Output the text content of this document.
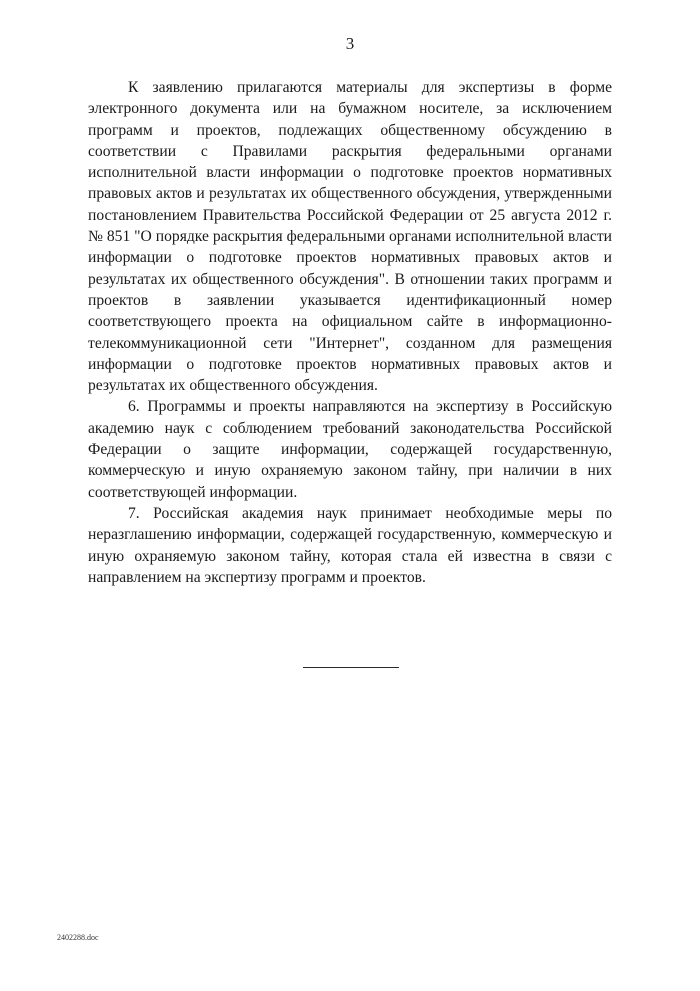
3

К заявлению прилагаются материалы для экспертизы в форме электронного документа или на бумажном носителе, за исключением программ и проектов, подлежащих общественному обсуждению в соответствии с Правилами раскрытия федеральными органами исполнительной власти информации о подготовке проектов нормативных правовых актов и результатах их общественного обсуждения, утвержденными постановлением Правительства Российской Федерации от 25 августа 2012 г. № 851 "О порядке раскрытия федеральными органами исполнительной власти информации о подготовке проектов нормативных правовых актов и результатах их общественного обсуждения". В отношении таких программ и проектов в заявлении указывается идентификационный номер соответствующего проекта на официальном сайте в информационно-телекоммуникационной сети "Интернет", созданном для размещения информации о подготовке проектов нормативных правовых актов и результатах их общественного обсуждения.

6. Программы и проекты направляются на экспертизу в Российскую академию наук с соблюдением требований законодательства Российской Федерации о защите информации, содержащей государственную, коммерческую и иную охраняемую законом тайну, при наличии в них соответствующей информации.

7. Российская академия наук принимает необходимые меры по неразглашению информации, содержащей государственную, коммерческую и иную охраняемую законом тайну, которая стала ей известна в связи с направлением на экспертизу программ и проектов.

2402288.doc
